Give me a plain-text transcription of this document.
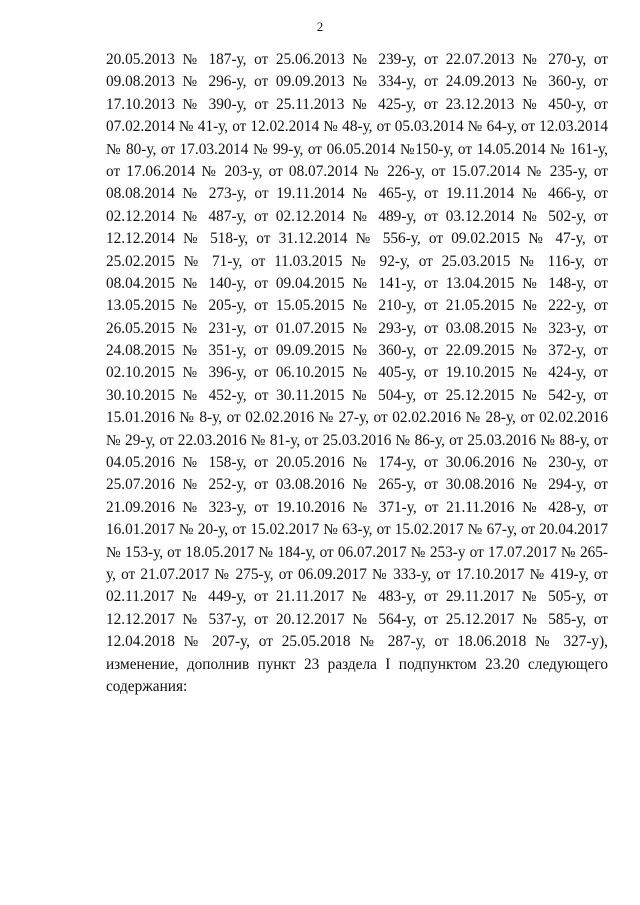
2
20.05.2013 № 187-у, от 25.06.2013 № 239-у, от 22.07.2013 № 270-у, от
09.08.2013 № 296-у, от 09.09.2013 № 334-у, от 24.09.2013 № 360-у, от
17.10.2013 № 390-у, от 25.11.2013 № 425-у, от 23.12.2013 № 450-у, от
07.02.2014 № 41-у, от 12.02.2014 № 48-у, от 05.03.2014 № 64-у, от 12.03.2014
№ 80-у, от 17.03.2014 № 99-у, от 06.05.2014 №150-у, от 14.05.2014 № 161-у,
от 17.06.2014 № 203-у, от 08.07.2014 № 226-у, от 15.07.2014 № 235-у, от
08.08.2014 № 273-у, от 19.11.2014 № 465-у, от 19.11.2014 № 466-у, от
02.12.2014 № 487-у, от 02.12.2014 № 489-у, от 03.12.2014 № 502-у, от
12.12.2014 № 518-у, от 31.12.2014 № 556-у, от 09.02.2015 № 47-у, от
25.02.2015 № 71-у, от 11.03.2015 № 92-у, от 25.03.2015 № 116-у, от
08.04.2015 № 140-у, от 09.04.2015 № 141-у, от 13.04.2015 № 148-у, от
13.05.2015 № 205-у, от 15.05.2015 № 210-у, от 21.05.2015 № 222-у, от
26.05.2015 № 231-у, от 01.07.2015 № 293-у, от 03.08.2015 № 323-у, от
24.08.2015 № 351-у, от 09.09.2015 № 360-у, от 22.09.2015 № 372-у, от
02.10.2015 № 396-у, от 06.10.2015 № 405-у, от 19.10.2015 № 424-у, от
30.10.2015 № 452-у, от 30.11.2015 № 504-у, от 25.12.2015 № 542-у, от
15.01.2016 № 8-у, от 02.02.2016 № 27-у, от 02.02.2016 № 28-у, от 02.02.2016
№ 29-у, от 22.03.2016 № 81-у, от 25.03.2016 № 86-у, от 25.03.2016 № 88-у, от
04.05.2016 № 158-у, от 20.05.2016 № 174-у, от 30.06.2016 № 230-у, от
25.07.2016 № 252-у, от 03.08.2016 № 265-у, от 30.08.2016 № 294-у, от
21.09.2016 № 323-у, от 19.10.2016 № 371-у, от 21.11.2016 № 428-у, от
16.01.2017 № 20-у, от 15.02.2017 № 63-у, от 15.02.2017 № 67-у, от 20.04.2017
№ 153-у, от 18.05.2017 № 184-у, от 06.07.2017 № 253-у от 17.07.2017 № 265-
у, от 21.07.2017 № 275-у, от 06.09.2017 № 333-у, от 17.10.2017 № 419-у, от
02.11.2017 № 449-у, от 21.11.2017 № 483-у, от 29.11.2017 № 505-у, от
12.12.2017 № 537-у, от 20.12.2017 № 564-у, от 25.12.2017 № 585-у, от
12.04.2018 № 207-у, от 25.05.2018 № 287-у, от 18.06.2018 № 327-у),
изменение, дополнив пункт 23 раздела I подпунктом 23.20 следующего
содержания:
